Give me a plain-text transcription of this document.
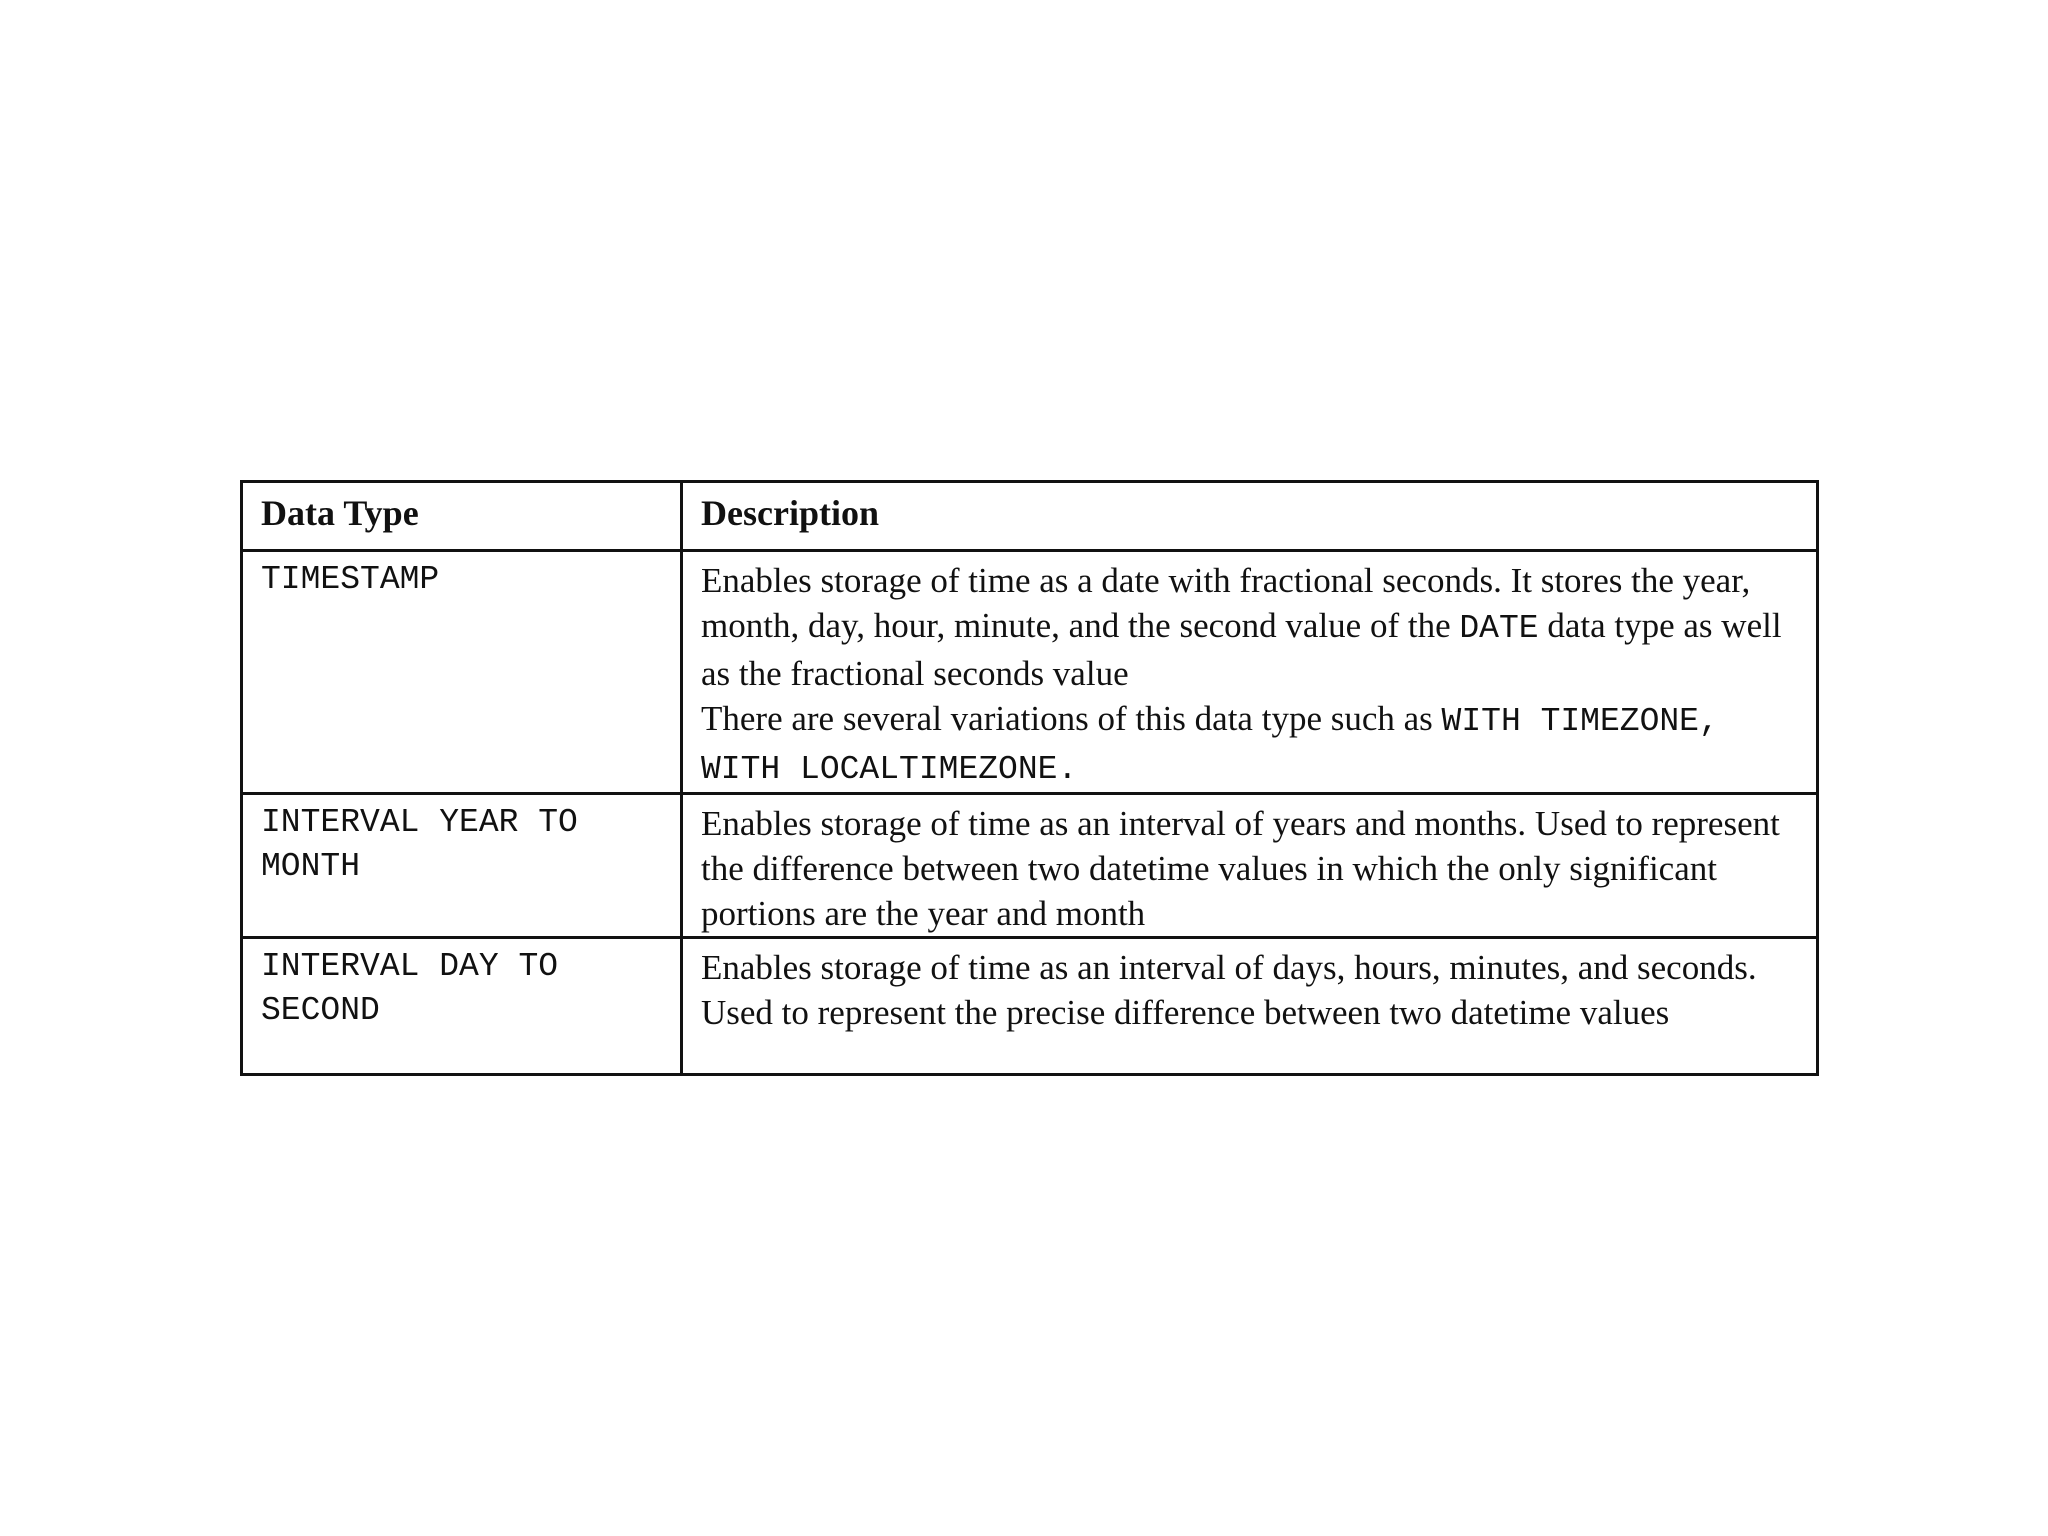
Data Type	Description
TIMESTAMP	Enables storage of time as a date with fractional seconds. It stores the year, month, day, hour, minute, and the second value of the DATE data type as well as the fractional seconds value
There are several variations of this data type such as WITH TIMEZONE, WITH LOCALTIMEZONE.

INTERVAL YEAR TO MONTH	Enables storage of time as an interval of years and months. Used to represent the difference between two datetime values in which the only significant portions are the year and month
INTERVAL DAY TO SECOND	Enables storage of time as an interval of days, hours, minutes, and seconds. Used to represent the precise difference between two datetime values
